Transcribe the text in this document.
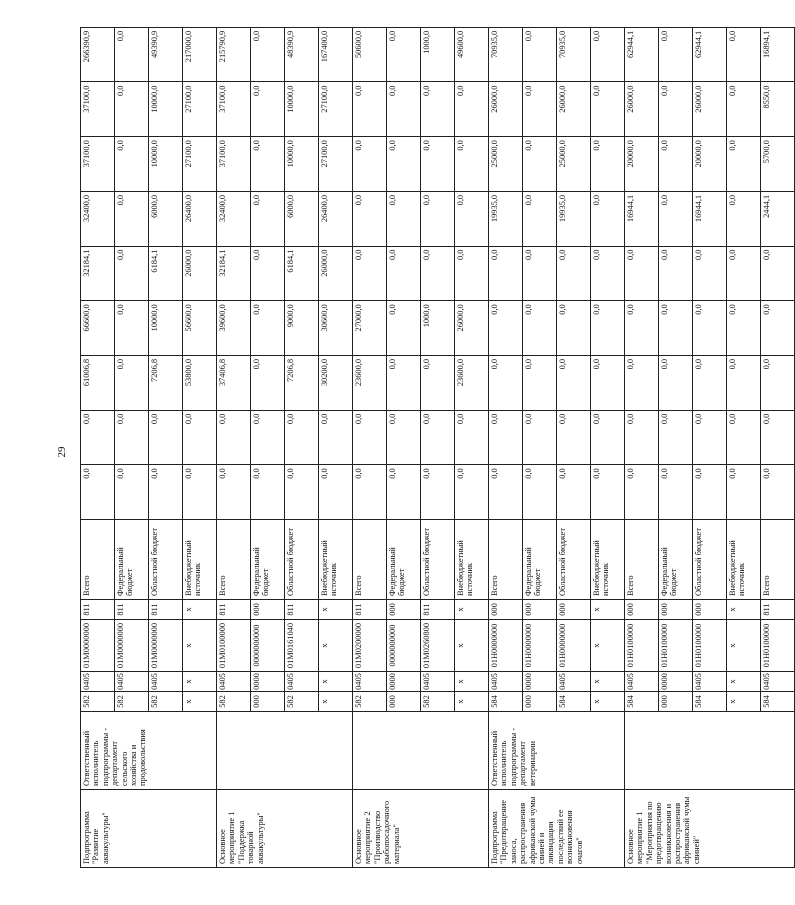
29
Подпрограмма "Развитие аквакультуры"	Ответственный исполнитель подпрограммы - департамент сельского хозяйства и продовольствия	582	0405	01M0000000	811	Всего	0,0	0,0	61006,8	66600,0	32184,1	32400,0	37100,0	37100,0	266390,9
		582	0405	01M0000000	811	Федеральный бюджет	0,0	0,0	0,0	0,0	0,0	0,0	0,0	0,0	0,0
		582	0405	01M0000000	811	Областной бюджет	0,0	0,0	7206,8	10000,0	6184,1	6000,0	10000,0	10000,0	49390,9
		x	x	x	x	Внебюджетный источник	0,0	0,0	53800,0	56600,0	26000,0	26400,0	27100,0	27100,0	217000,0
Основное мероприятие 1 "Поддержка товарной аквакультуры"		582	0405	01M0100000	811	Всего	0,0	0,0	37406,8	39600,0	32184,1	32400,0	37100,0	37100,0	215790,9
		000	0000	0000000000	000	Федеральный бюджет	0,0	0,0	0,0	0,0	0,0	0,0	0,0	0,0	0,0
		582	0405	01M0161040	811	Областной бюджет	0,0	0,0	7206,8	9000,0	6184,1	6000,0	10000,0	10000,0	48390,9
		x	x	x	x	Внебюджетный источник	0,0	0,0	30200,0	30600,0	26000,0	26400,0	27100,0	27100,0	167400,0
Основное мероприятие 2 "Производство рыбопосадочного материала"		582	0405	01M0200000	811	Всего	0,0	0,0	23600,0	27000,0	0,0	0,0	0,0	0,0	50600,0
		000	0000	0000000000	000	Федеральный бюджет	0,0	0,0	0,0	0,0	0,0	0,0	0,0	0,0	0,0
		582	0405	01M0260800	811	Областной бюджет	0,0	0,0	0,0	1000,0	0,0	0,0	0,0	0,0	1000,0
		x	x	x	x	Внебюджетный источник	0,0	0,0	23600,0	26000,0	0,0	0,0	0,0	0,0	49600,0
Подпрограмма "Предотвращение заноса, распространения африканской чумы свиней и ликвидации последствий ее возникновения очагов"	Ответственный исполнитель подпрограммы - департамент ветеринарии	584	0405	01H0000000	000	Всего	0,0	0,0	0,0	0,0	0,0	19935,0	25000,0	26000,0	70935,0
		000	0000	01H0000000	000	Федеральный бюджет	0,0	0,0	0,0	0,0	0,0	0,0	0,0	0,0	0,0
		584	0405	01H0000000	000	Областной бюджет	0,0	0,0	0,0	0,0	0,0	19935,0	25000,0	26000,0	70935,0
		x	x	x	x	Внебюджетный источник	0,0	0,0	0,0	0,0	0,0	0,0	0,0	0,0	0,0
Основное мероприятие 1 "Мероприятия по предотвращению возникновения и распространения африканской чумы свиней"		584	0405	01H0100000	000	Всего	0,0	0,0	0,0	0,0	0,0	16944,1	20000,0	26000,0	62944,1
		000	0000	01H0100000	000	Федеральный бюджет	0,0	0,0	0,0	0,0	0,0	0,0	0,0	0,0	0,0
		584	0405	01H0100000	000	Областной бюджет	0,0	0,0	0,0	0,0	0,0	16944,1	20000,0	26000,0	62944,1
		x	x	x	x	Внебюджетный источник	0,0	0,0	0,0	0,0	0,0	0,0	0,0	0,0	0,0
		584	0405	01H0100000	811	Всего	0,0	0,0	0,0	0,0	0,0	2444,1	5700,0	8550,0	16894,1
